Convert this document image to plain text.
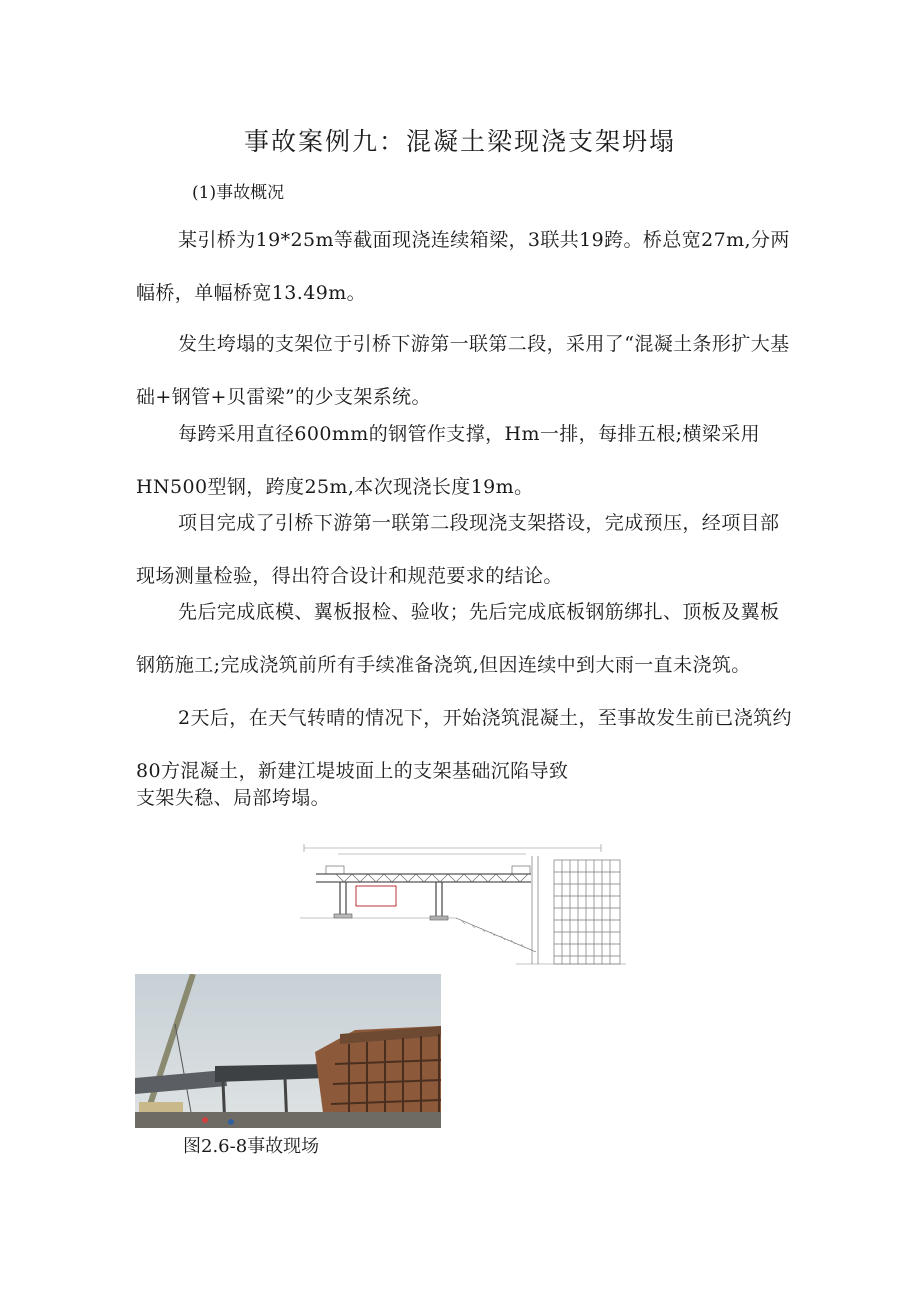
事故案例九：混凝土梁现浇支架坍塌
(1)事故概况

某引桥为19*25m等截面现浇连续箱梁，3联共19跨。桥总宽27m,分两幅桥，单幅桥宽13.49m。

发生垮塌的支架位于引桥下游第一联第二段，采用了“混凝土条形扩大基础+钢管+贝雷梁”的少支架系统。

每跨采用直径600mm的钢管作支撑，Hm一排，每排五根;横梁采用HN500型钢，跨度25m,本次现浇长度19m。

项目完成了引桥下游第一联第二段现浇支架搭设，完成预压，经项目部现场测量检验，得出符合设计和规范要求的结论。

先后完成底模、翼板报检、验收；先后完成底板钢筋绑扎、顶板及翼板钢筋施工;完成浇筑前所有手续准备浇筑,但因连续中到大雨一直未浇筑。

2天后，在天气转晴的情况下，开始浇筑混凝土，至事故发生前已浇筑约80方混凝土，新建江堤坡面上的支架基础沉陷导致

支架失稳、局部垮塌。
图2.6-8事故现场
